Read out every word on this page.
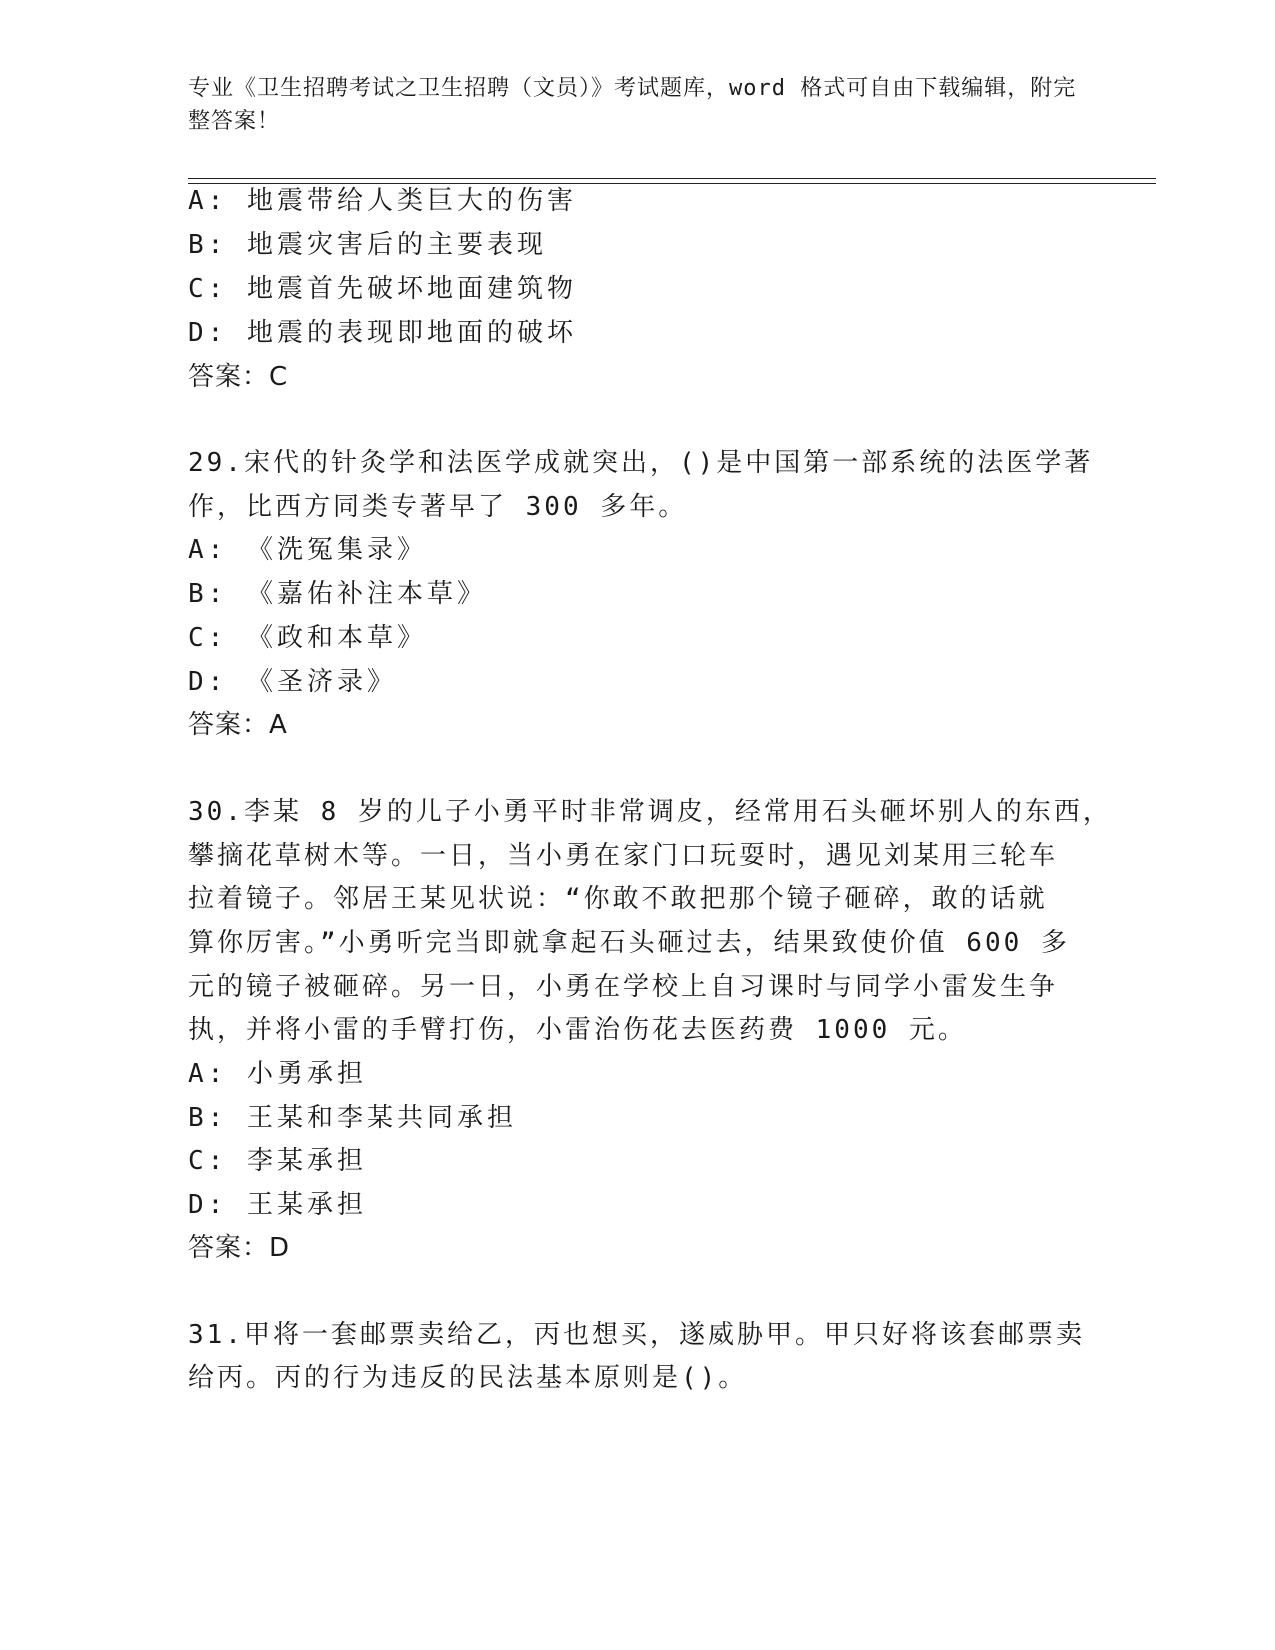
专业《卫生招聘考试之卫生招聘（文员）》考试题库，word 格式可自由下载编辑，附完整答案！
A: 地震带给人类巨大的伤害
B: 地震灾害后的主要表现
C: 地震首先破坏地面建筑物
D: 地震的表现即地面的破坏
答案：C
29.宋代的针灸学和法医学成就突出，()是中国第一部系统的法医学著
作，比西方同类专著早了 300 多年。
A: 《洗冤集录》
B: 《嘉佑补注本草》
C: 《政和本草》
D: 《圣济录》
答案：A
30.李某 8 岁的儿子小勇平时非常调皮，经常用石头砸坏别人的东西，
攀摘花草树木等。一日，当小勇在家门口玩耍时，遇见刘某用三轮车
拉着镜子。邻居王某见状说：“你敢不敢把那个镜子砸碎，敢的话就
算你厉害。”小勇听完当即就拿起石头砸过去，结果致使价值 600 多
元的镜子被砸碎。另一日，小勇在学校上自习课时与同学小雷发生争
执，并将小雷的手臂打伤，小雷治伤花去医药费 1000 元。
A: 小勇承担
B: 王某和李某共同承担
C: 李某承担
D: 王某承担
答案：D
31.甲将一套邮票卖给乙，丙也想买，遂威胁甲。甲只好将该套邮票卖
给丙。丙的行为违反的民法基本原则是()。
